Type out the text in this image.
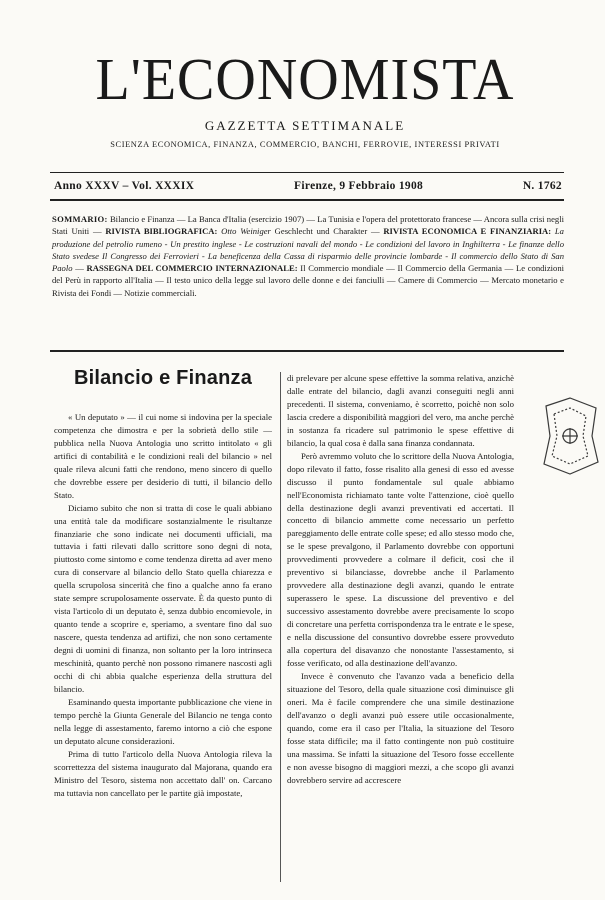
L'ECONOMISTA
GAZZETTA SETTIMANALE
SCIENZA ECONOMICA, FINANZA, COMMERCIO, BANCHI, FERROVIE, INTERESSI PRIVATI
Anno XXXV – Vol. XXXIX	Firenze, 9 Febbraio 1908	N. 1762
SOMMARIO: Bilancio e Finanza — La Banca d'Italia (esercizio 1907) — La Tunisia e l'opera del protettorato francese — Ancora sulla crisi negli Stati Uniti — RIVISTA BIBLIOGRAFICA: Otto Weiniger Geschlecht und Charakter — RIVISTA ECONOMICA E FINANZIARIA: La produzione del petrolio rumeno - Un prestito inglese - Le costruzioni navali del mondo - Le condizioni del lavoro in Inghilterra - Le finanze dello Stato svedese Il Congresso dei Ferrovieri - La beneficenza della Cassa di risparmio delle provincie lombarde - Il commercio dello Stato di San Paolo — RASSEGNA DEL COMMERCIO INTERNAZIONALE: Il Commercio mondiale — Il Commercio della Germania — Le condizioni del Perù in rapporto all'Italia — Il testo unico della legge sul lavoro delle donne e dei fanciulli — Camere di Commercio — Mercato monetario e Rivista dei Fondi — Notizie commerciali.
Bilancio e Finanza

« Un deputato » — il cui nome si indovina per la speciale competenza che dimostra e per la sobrietà dello stile — pubblica nella Nuova Antologia uno scritto intitolato « gli artifici di contabilità e le condizioni reali del bilancio » nel quale rileva alcuni fatti che rendono, meno sincero di quello che dovrebbe essere per desiderio di tutti, il bilancio dello Stato.

Diciamo subito che non si tratta di cose le quali abbiano una entità tale da modificare sostanzialmente le risultanze finanziarie che sono indicate nei documenti ufficiali, ma tuttavia i fatti rilevati dallo scrittore sono degni di nota, piuttosto come sintomo e come tendenza diretta ad aver meno cura di conservare al bilancio dello Stato quella chiarezza e quella scrupolosa sincerità che fino a qualche anno fa erano state sempre scrupolosamente osservate. È da questo punto di vista l'articolo di un deputato è, senza dubbio encomievole, in quanto tende a scoprire e, speriamo, a sventare fino dal suo nascere, questa tendenza ad artifizi, che non sono certamente degni di uomini di finanza, non soltanto per la loro intrinseca meschinità, quanto perchè non possono rimanere nascosti agli occhi di chi abbia qualche esperienza della struttura del bilancio.

Esaminando questa importante pubblicazione che viene in tempo perchè la Giunta Generale del Bilancio ne tenga conto nella legge di assestamento, faremo intorno a ciò che espone un deputato alcune considerazioni.

Prima di tutto l'articolo della Nuova Antologia rileva la scorrettezza del sistema inaugurato dal Majorana, quando era Ministro del Tesoro, sistema non accettato dall' on. Carcano ma tuttavia non cancellato per le partite già impostate,

di prelevare per alcune spese effettive la somma relativa, anzichè dalle entrate del bilancio, dagli avanzi conseguiti negli anni precedenti. Il sistema, conveniamo, è scorretto, poichè non solo lascia credere a disponibilità maggiori del vero, ma anche perchè in sostanza fa ricadere sul patrimonio le spese effettive di bilancio, la qual cosa è dalla sana finanza condannata.

Però avremmo voluto che lo scrittore della Nuova Antologia, dopo rilevato il fatto, fosse risalito alla genesi di esso ed avesse discusso il punto fondamentale sul quale abbiamo nell'Economista richiamato tante volte l'attenzione, cioè quello della destinazione degli avanzi preventivati ed accertati. Il concetto di bilancio ammette come necessario un perfetto pareggiamento delle entrate colle spese; ed allo stesso modo che, se le spese prevalgono, il Parlamento dovrebbe con opportuni provvedimenti provvedere a colmare il deficit, così che il preventivo si bilanciasse, dovrebbe anche il Parlamento provvedere alla destinazione degli avanzi, quando le entrate superassero le spese. La discussione del preventivo e del successivo assestamento dovrebbe avere precisamente lo scopo di concretare una perfetta corrispondenza tra le entrate e le spese, e nella discussione del consuntivo dovrebbe essere provveduto alla copertura del disavanzo che nonostante l'assestamento, si fosse verificato, od alla destinazione dell'avanzo.

Invece è convenuto che l'avanzo vada a beneficio della situazione del Tesoro, della quale situazione così diminuisce gli oneri. Ma è facile comprendere che una simile destinazione dell'avanzo o degli avanzi può essere utile occasionalmente, quando, come era il caso per l'Italia, la situazione del Tesoro fosse stata difficile; ma il fatto contingente non può costituire una massima. Se infatti la situazione del Tesoro fosse eccellente e non avesse bisogno di maggiori mezzi, a che scopo gli avanzi dovrebbero servire ad accrescere
